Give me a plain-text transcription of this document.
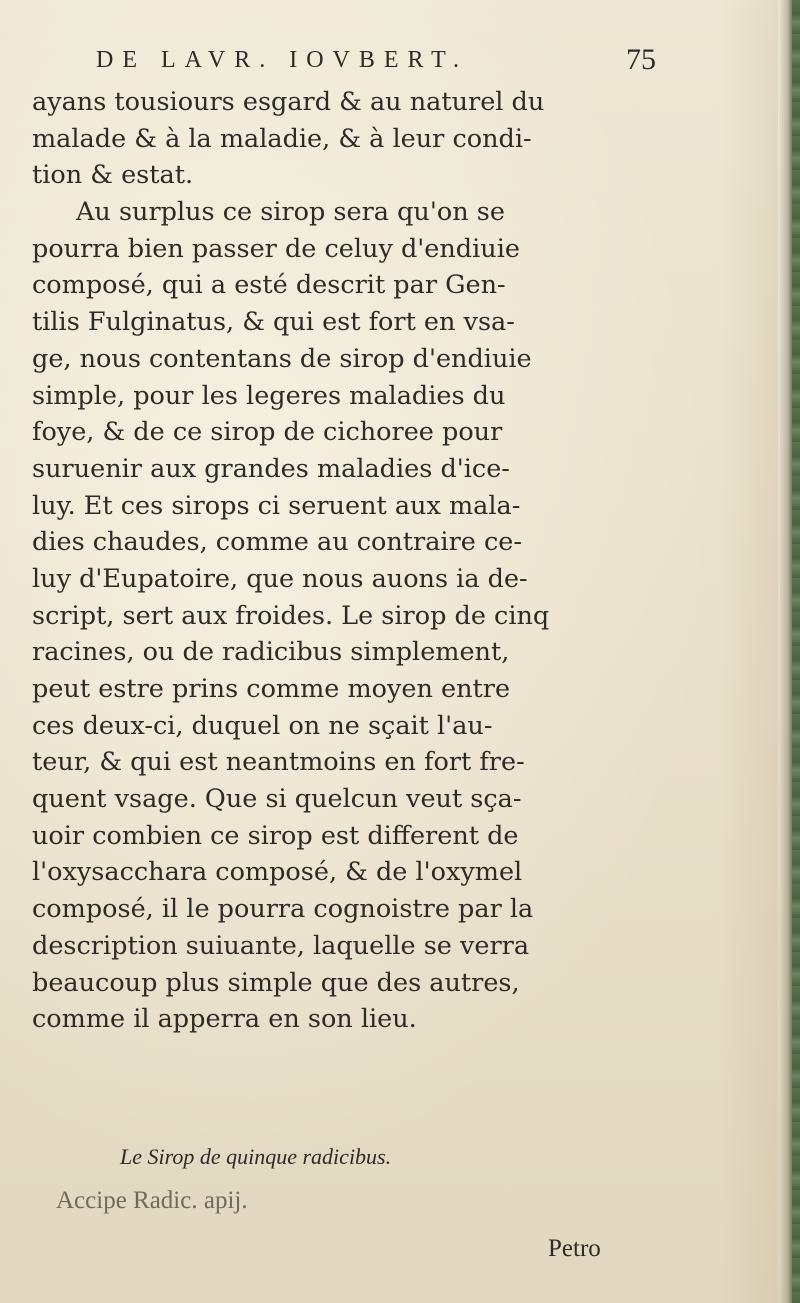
DE LAVR. IOVBERT.	75
ayans tousiours esgard & au naturel du
malade & à la maladie, & à leur condi-
tion & estat.
Au surplus ce sirop sera qu'on se
pourra bien passer de celuy d'endiuie
composé, qui a esté descrit par Gen-
tilis Fulginatus, & qui est fort en vsa-
ge, nous contentans de sirop d'endiuie
simple, pour les legeres maladies du
foye, & de ce sirop de cichoree pour
suruenir aux grandes maladies d'ice-
luy. Et ces sirops ci seruent aux mala-
dies chaudes, comme au contraire ce-
luy d'Eupatoire, que nous auons ia de-
script, sert aux froides. Le sirop de cinq
racines, ou de radicibus simplement,
peut estre prins comme moyen entre
ces deux-ci, duquel on ne sçait l'au-
teur, & qui est neantmoins en fort fre-
quent vsage. Que si quelcun veut sça-
uoir combien ce sirop est different de
l'oxysacchara composé, & de l'oxymel
composé, il le pourra cognoistre par la
description suiuante, laquelle se verra
beaucoup plus simple que des autres,
comme il apperra en son lieu.
Le Sirop de quinque radicibus.
Accipe Radic. apij.
Petro
